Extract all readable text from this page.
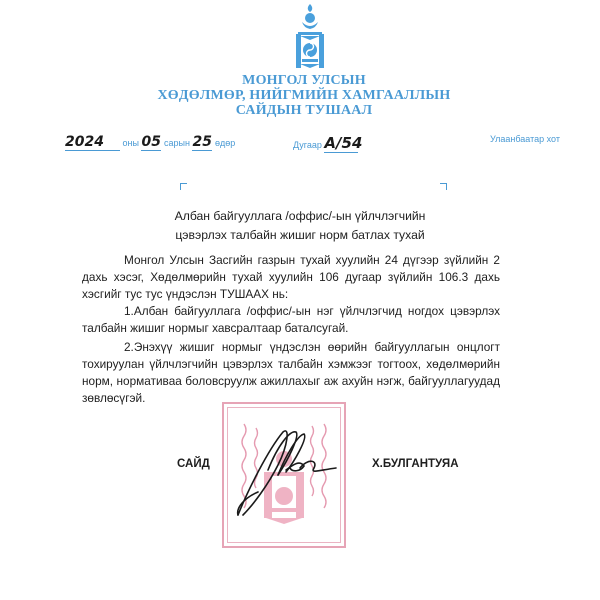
МОНГОЛ УЛСЫН
ХӨДӨЛМӨР, НИЙГМИЙН ХАМГААЛЛЫН
САЙДЫН ТУШААЛ
2024 оны 05 сарын 25 өдөр	Дугаар А/54	Улаанбаатар хот
Албан байгууллага /оффис/-ын үйлчлэгчийн
цэвэрлэх талбайн жишиг норм батлах тухай
Монгол Улсын Засгийн газрын тухай хуулийн 24 дүгээр зүйлийн 2 дахь хэсэг, Хөдөлмөрийн тухай хуулийн 106 дугаар зүйлийн 106.3 дахь хэсгийг тус тус үндэслэн ТУШААХ нь:
1.Албан байгууллага /оффис/-ын нэг үйлчлэгчид ногдох цэвэрлэх талбайн жишиг нормыг хавсралтаар баталсугай.
2.Энэхүү жишиг нормыг үндэслэн өөрийн байгууллагын онцлогт тохируулан үйлчлэгчийн цэвэрлэх талбайн хэмжээг тогтоох, хөдөлмөрийн норм, нормативаа боловсруулж ажиллахыг аж ахуйн нэгж, байгууллагуудад зөвлөсүгэй.
САЙД	Х.БУЛГАНТУЯА
